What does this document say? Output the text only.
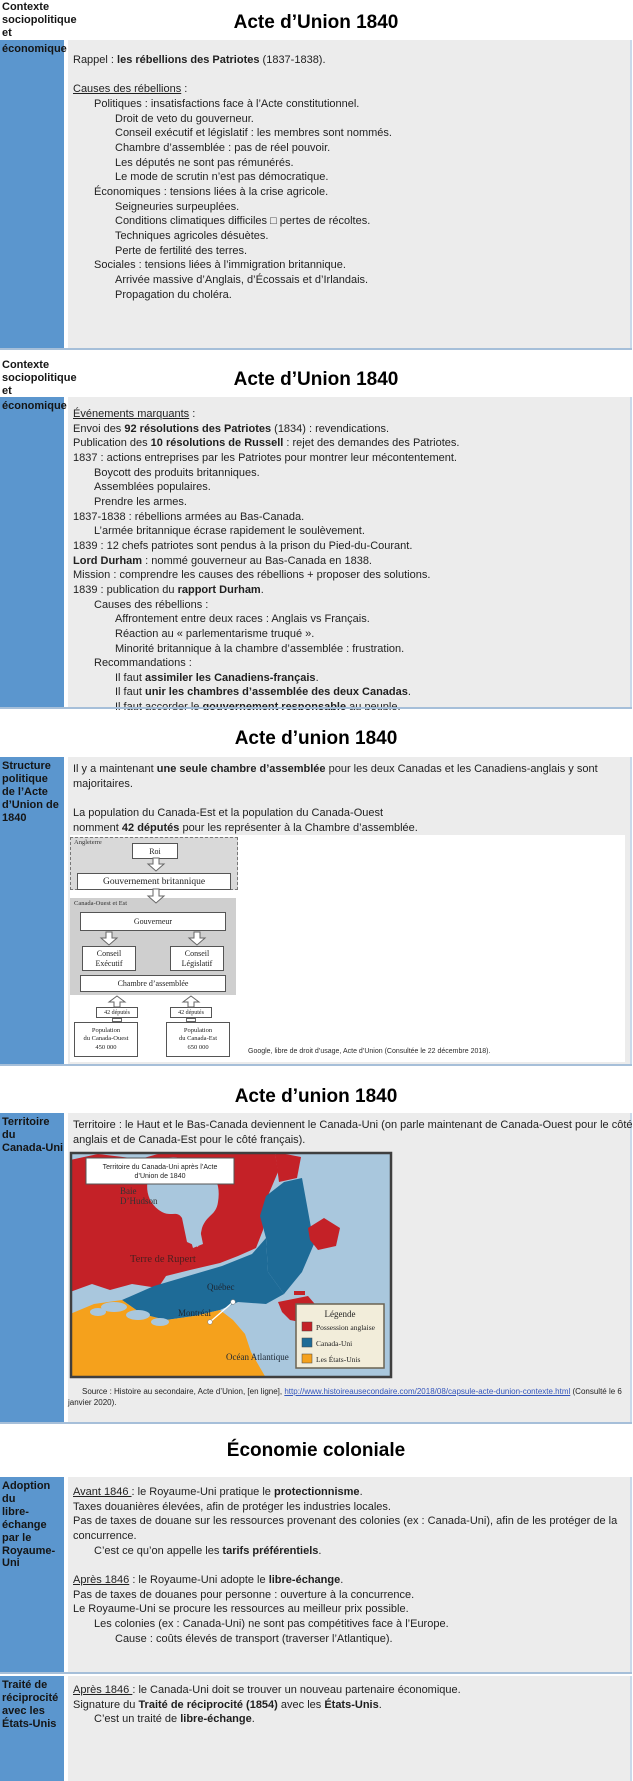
Acte d’Union 1840
Contexte
sociopolitique
et
économique
Rappel : les rébellions des Patriotes (1837-1838).

Causes des rébellions :
Politiques : insatisfactions face à l’Acte constitutionnel.
Droit de veto du gouverneur.
Conseil exécutif et législatif : les membres sont nommés.
Chambre d’assemblée : pas de réel pouvoir.
Les députés ne sont pas rémunérés.
Le mode de scrutin n’est pas démocratique.
Économiques : tensions liées à la crise agricole.
Seigneuries surpeuplées.
Conditions climatiques difficiles □ pertes de récoltes.
Techniques agricoles désuètes.
Perte de fertilité des terres.
Sociales : tensions liées à l’immigration britannique.
Arrivée massive d’Anglais, d’Écossais et d’Irlandais.
Propagation du choléra.
Acte d’Union 1840
Contexte
sociopolitique
et
économique
Événements marquants :
Envoi des 92 résolutions des Patriotes (1834) : revendications.
Publication des 10 résolutions de Russell : rejet des demandes des Patriotes.
1837 : actions entreprises par les Patriotes pour montrer leur mécontentement.
Boycott des produits britanniques.
Assemblées populaires.
Prendre les armes.
1837-1838 : rébellions armées au Bas-Canada.
L’armée britannique écrase rapidement le soulèvement.
1839 : 12 chefs patriotes sont pendus à la prison du Pied-du-Courant.
Lord Durham : nommé gouverneur au Bas-Canada en 1838.
Mission : comprendre les causes des rébellions + proposer des solutions.
1839 : publication du rapport Durham.
Causes des rébellions :
Affrontement entre deux races : Anglais vs Français.
Réaction au « parlementarisme truqué ».
Minorité britannique à la chambre d’assemblée : frustration.
Recommandations :
Il faut assimiler les Canadiens-français.
Il faut unir les chambres d’assemblée des deux Canadas.
Acte d’union 1840
Structure
politique
de l’Acte
d’Union de
1840
Il y a maintenant une seule chambre d’assemblée pour les deux Canadas et les Canadiens-anglais y sont
majoritaires.

La population du Canada-Est et la population du Canada-Ouest
nomment 42 députés pour les représenter à la Chambre d’assemblée.
Angleterre
Roi
Gouvernement britannique
Canada-Ouest et Est
Gouverneur
Conseil
Exécutif
Conseil
Législatif
Chambre d’assemblée
42 députés	42 députés
Population
du Canada-Ouest
450 000
Population
du Canada-Est
650 000
Google, libre de droit d’usage, Acte d’Union (Consultée le 22 décembre 2018).
Acte d’union 1840
Territoire
du
Canada-Uni
Territoire : le Haut et le Bas-Canada deviennent le Canada-Uni (on parle maintenant de Canada-Ouest pour le côté
anglais et de Canada-Est pour le côté français).
Baie
D’Hudson
Terre de Rupert
Québec
Montréal
Océan Atlantique
Territoire du Canada-Uni après l’Acte
d’Union de 1840
Légende
Possession anglaise
Canada-Uni
Les États-Unis
Source : Histoire au secondaire, Acte d’Union, [en ligne], http://www.histoireausecondaire.com/2018/08/capsule-acte-dunion-contexte.html (Consulté le 6 janvier 2020).
Économie coloniale
Adoption du
libre-échange
par le
Royaume-Uni
Avant 1846 : le Royaume-Uni pratique le protectionnisme.
Taxes douanières élevées, afin de protéger les industries locales.
Pas de taxes de douane sur les ressources provenant des colonies (ex : Canada-Uni), afin de les protéger de la
concurrence.
C’est ce qu’on appelle les tarifs préférentiels.

Après 1846 : le Royaume-Uni adopte le libre-échange.
Pas de taxes de douanes pour personne : ouverture à la concurrence.
Le Royaume-Uni se procure les ressources au meilleur prix possible.
Les colonies (ex : Canada-Uni) ne sont pas compétitives face à l’Europe.
Cause : coûts élevés de transport (traverser l’Atlantique).
Traité de
réciprocité
avec les
États-Unis
Après 1846 : le Canada-Uni doit se trouver un nouveau partenaire économique.
Signature du Traité de réciprocité (1854) avec les États-Unis.
C’est un traité de libre-échange.
